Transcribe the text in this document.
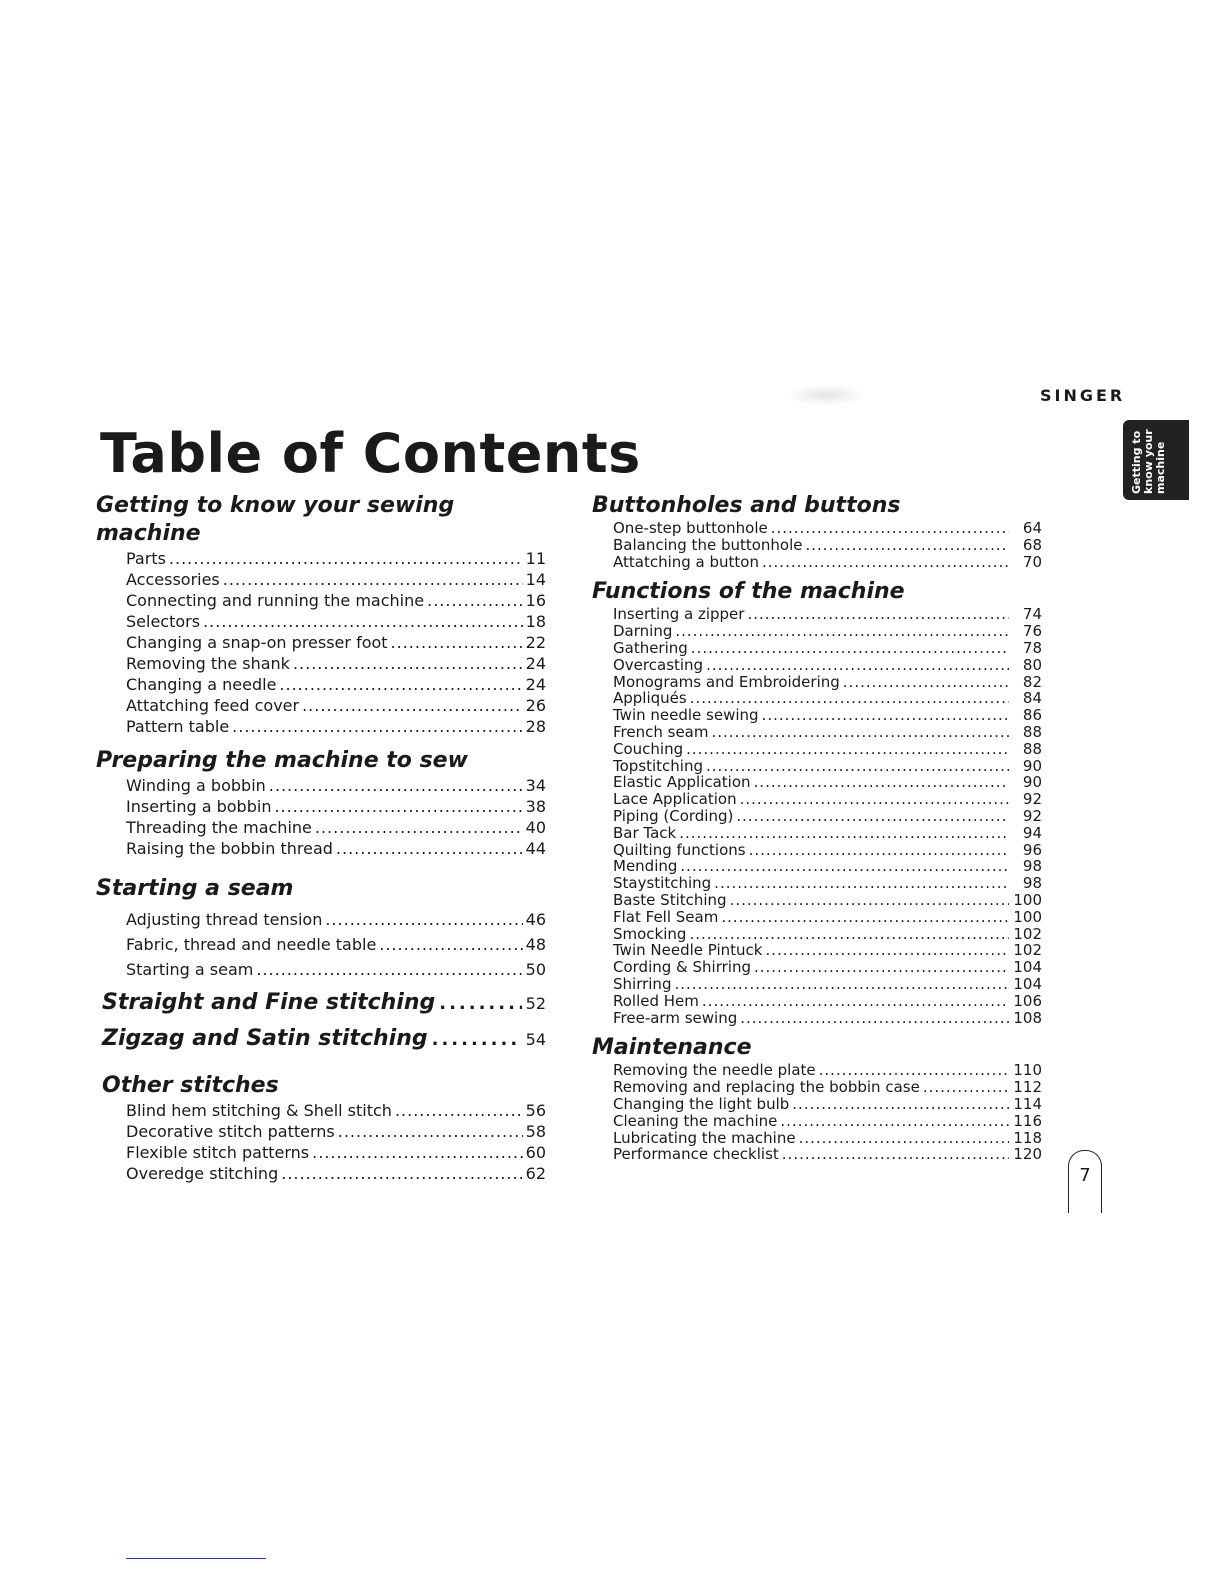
SINGER
Getting to know your machine
Table of Contents
Getting to know your sewing machine
Parts .....	11
Accessories .....	14
Connecting and running the machine .....	16
Selectors .....	18
Changing a snap-on presser foot .....	22
Removing the shank .....	24
Changing a needle .....	24
Attatching feed cover .....	26
Pattern table .....	28
Preparing the machine to sew
Winding a bobbin .....	34
Inserting a bobbin .....	38
Threading the machine .....	40
Raising the bobbin thread .....	44
Starting a seam
Adjusting thread tension .....	46
Fabric, thread and needle table .....	48
Starting a seam .....	50
Straight and Fine stitching .....	52
Zigzag and Satin stitching .....	54
Other stitches
Blind hem stitching & Shell stitch .....	56
Decorative stitch patterns .....	58
Flexible stitch patterns .....	60
Overedge stitching .....	62
Buttonholes and buttons
One-step buttonhole .....	64
Balancing the buttonhole .....	68
Attatching a button .....	70
Functions of the machine
Inserting a zipper .....	74
Darning .....	76
Gathering .....	78
Overcasting .....	80
Monograms and Embroidering .....	82
Appliqués .....	84
Twin needle sewing .....	86
French seam .....	88
Couching .....	88
Topstitching .....	90
Elastic Application .....	90
Lace Application .....	92
Piping (Cording) .....	92
Bar Tack .....	94
Quilting functions .....	96
Mending .....	98
Staystitching .....	98
Baste Stitching .....	100
Flat Fell Seam .....	100
Smocking .....	102
Twin Needle Pintuck .....	102
Cording & Shirring .....	104
Shirring .....	104
Rolled Hem .....	106
Free-arm sewing .....	108
Maintenance
Removing the needle plate .....	110
Removing and replacing the bobbin case .....	112
Changing the light bulb .....	114
Cleaning the machine .....	116
Lubricating the machine .....	118
Performance checklist .....	120
7
